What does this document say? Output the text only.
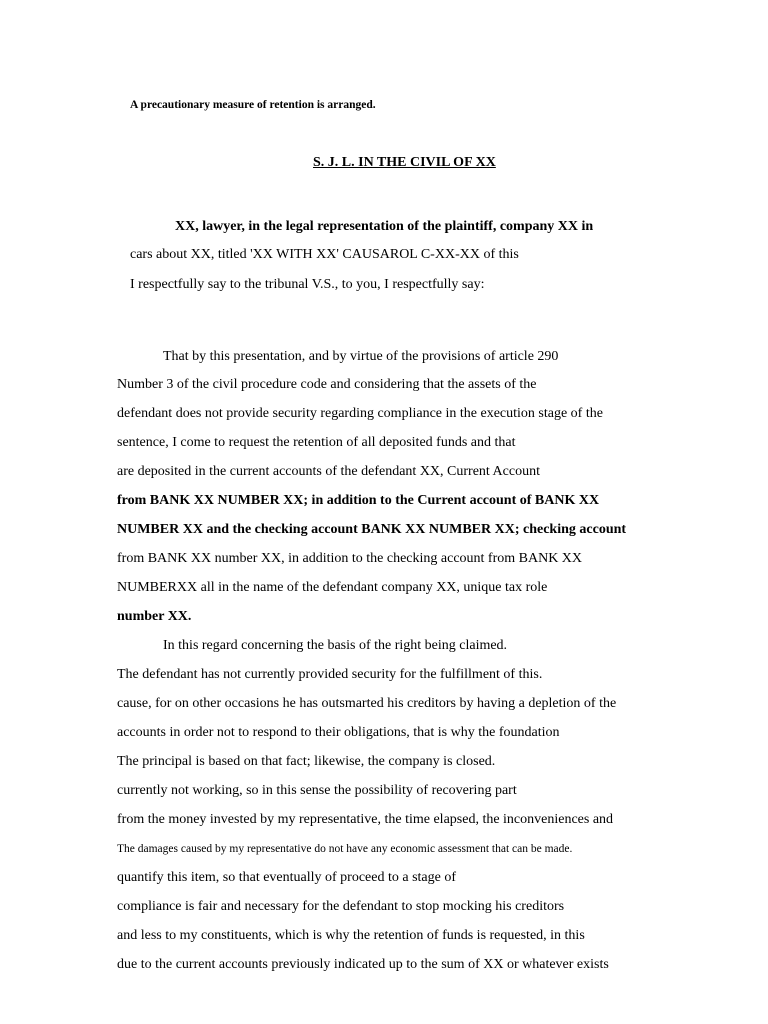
A precautionary measure of retention is arranged.
S. J. L. IN THE CIVIL OF XX
XX, lawyer, in the legal representation of the plaintiff, company XX in
cars about XX, titled 'XX WITH XX' CAUSAROL C-XX-XX of this
I respectfully say to the tribunal V.S., to you, I respectfully say:
That by this presentation, and by virtue of the provisions of article 290
Number 3 of the civil procedure code and considering that the assets of the
defendant does not provide security regarding compliance in the execution stage of the
sentence, I come to request the retention of all deposited funds and that
are deposited in the current accounts of the defendant XX, Current Account
from BANK XX NUMBER XX; in addition to the Current account of BANK XX
NUMBER XX and the checking account BANK XX NUMBER XX; checking account
from BANK XX number XX, in addition to the checking account from BANK XX
NUMBERXX all in the name of the defendant company XX, unique tax role
number XX.
In this regard concerning the basis of the right being claimed.
The defendant has not currently provided security for the fulfillment of this.
cause, for on other occasions he has outsmarted his creditors by having a depletion of the
accounts in order not to respond to their obligations, that is why the foundation
The principal is based on that fact; likewise, the company is closed.
currently not working, so in this sense the possibility of recovering part
from the money invested by my representative, the time elapsed, the inconveniences and
The damages caused by my representative do not have any economic assessment that can be made.
quantify this item, so that eventually of proceed to a stage of
compliance is fair and necessary for the defendant to stop mocking his creditors
and less to my constituents, which is why the retention of funds is requested, in this
due to the current accounts previously indicated up to the sum of XX or whatever exists
